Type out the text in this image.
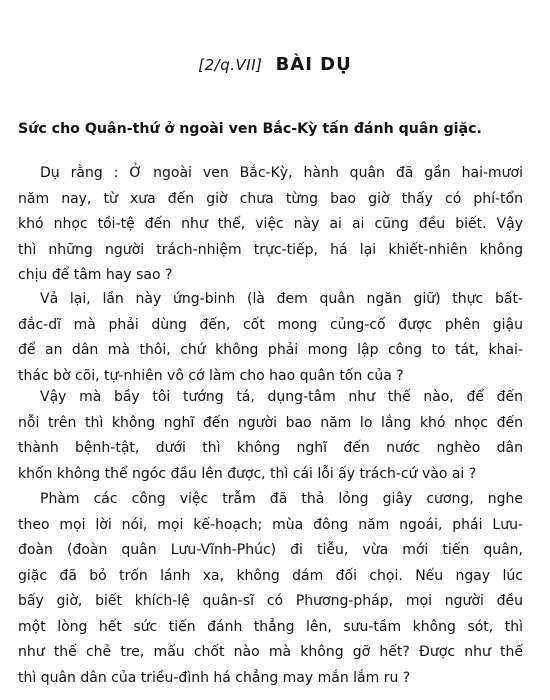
[2/q.VII] BÀI DỤ
Sức cho Quân-thứ ở ngoài ven Bắc-Kỳ tấn đánh quân giặc.
Dụ rằng : Ở ngoài ven Bắc-Kỳ, hành quân đã gần hai-mươi
năm nay, từ xưa đến giờ chưa từng bao giờ thấy có phí-tổn
khó nhọc tồi-tệ đến như thế, việc này ai ai cũng đều biết. Vậy
thì những người trách-nhiệm trực-tiếp, há lại khiết-nhiên không
chịu để tâm hay sao ?
Vả lại, lần này ứng-binh (là đem quân ngăn giữ) thực bất-
đắc-dĩ mà phải dùng đến, cốt mong củng-cố được phên giậu
để an dân mà thôi, chứ không phải mong lập công to tát, khai-
thác bờ cõi, tự-nhiên vô cớ làm cho hao quân tốn của ?
Vậy mà bầy tôi tướng tá, dụng-tâm như thế nào, để đến
nỗi trên thì không nghĩ đến người bao năm lo lắng khó nhọc đến
thành bệnh-tật, dưới thì không nghĩ đến nước nghèo dân
khốn không thể ngóc đầu lên được, thì cái lỗi ấy trách-cứ vào ai ?
Phàm các công việc trẫm đã thả lỏng giây cương, nghe
theo mọi lời nói, mọi kế-hoạch; mùa đông năm ngoái, phái Lưu-
đoàn (đoàn quân Lưu-Vĩnh-Phúc) đi tiễu, vừa mới tiến quân,
giặc đã bỏ trốn lánh xa, không dám đối chọi. Nếu ngay lúc
bấy giờ, biết khích-lệ quân-sĩ có Phương-pháp, mọi người đều
một lòng hết sức tiến đánh thẳng lên, sưu-tầm không sót, thì
như thế chẻ tre, mấu chốt nào mà không gỡ hết? Được như thế
thì quân dân của triều-đình há chẳng may mắn lắm ru ?
